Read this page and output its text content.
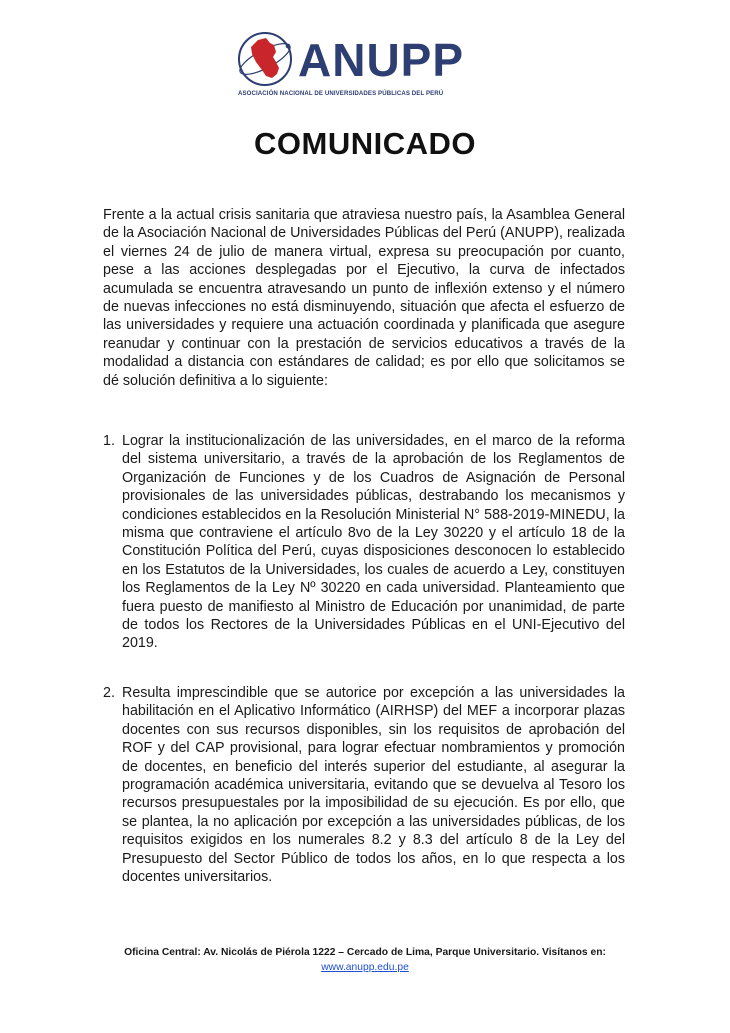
ANUPP
ASOCIACIÓN NACIONAL DE UNIVERSIDADES PÚBLICAS DEL PERÚ
COMUNICADO

Frente a la actual crisis sanitaria que atraviesa nuestro país, la Asamblea General de la Asociación Nacional de Universidades Públicas del Perú (ANUPP), realizada el viernes 24 de julio de manera virtual, expresa su preocupación por cuanto, pese a las acciones desplegadas por el Ejecutivo, la curva de infectados acumulada se encuentra atravesando un punto de inflexión extenso y el número de nuevas infecciones no está disminuyendo, situación que afecta el esfuerzo de las universidades y requiere una actuación coordinada y planificada que asegure reanudar y continuar con la prestación de servicios educativos a través de la modalidad a distancia con estándares de calidad; es por ello que solicitamos se dé solución definitiva a lo siguiente:

1. Lograr la institucionalización de las universidades, en el marco de la reforma del sistema universitario, a través de la aprobación de los Reglamentos de Organización de Funciones y de los Cuadros de Asignación de Personal provisionales de las universidades públicas, destrabando los mecanismos y condiciones establecidos en la Resolución Ministerial N° 588-2019-MINEDU, la misma que contraviene el artículo 8vo de la Ley 30220 y el artículo 18 de la Constitución Política del Perú, cuyas disposiciones desconocen lo establecido en los Estatutos de la Universidades, los cuales de acuerdo a Ley, constituyen los Reglamentos de la Ley Nº 30220 en cada universidad. Planteamiento que fuera puesto de manifiesto al Ministro de Educación por unanimidad, de parte de todos los Rectores de la Universidades Públicas en el UNI-Ejecutivo del 2019.
2. Resulta imprescindible que se autorice por excepción a las universidades la habilitación en el Aplicativo Informático (AIRHSP) del MEF a incorporar plazas docentes con sus recursos disponibles, sin los requisitos de aprobación del ROF y del CAP provisional, para lograr efectuar nombramientos y promoción de docentes, en beneficio del interés superior del estudiante, al asegurar la programación académica universitaria, evitando que se devuelva al Tesoro los recursos presupuestales por la imposibilidad de su ejecución. Es por ello, que se plantea, la no aplicación por excepción a las universidades públicas, de los requisitos exigidos en los numerales 8.2 y 8.3 del artículo 8 de la Ley del Presupuesto del Sector Público de todos los años, en lo que respecta a los docentes universitarios.
Oficina Central: Av. Nicolás de Piérola 1222 – Cercado de Lima, Parque Universitario. Visítanos en:
www.anupp.edu.pe
